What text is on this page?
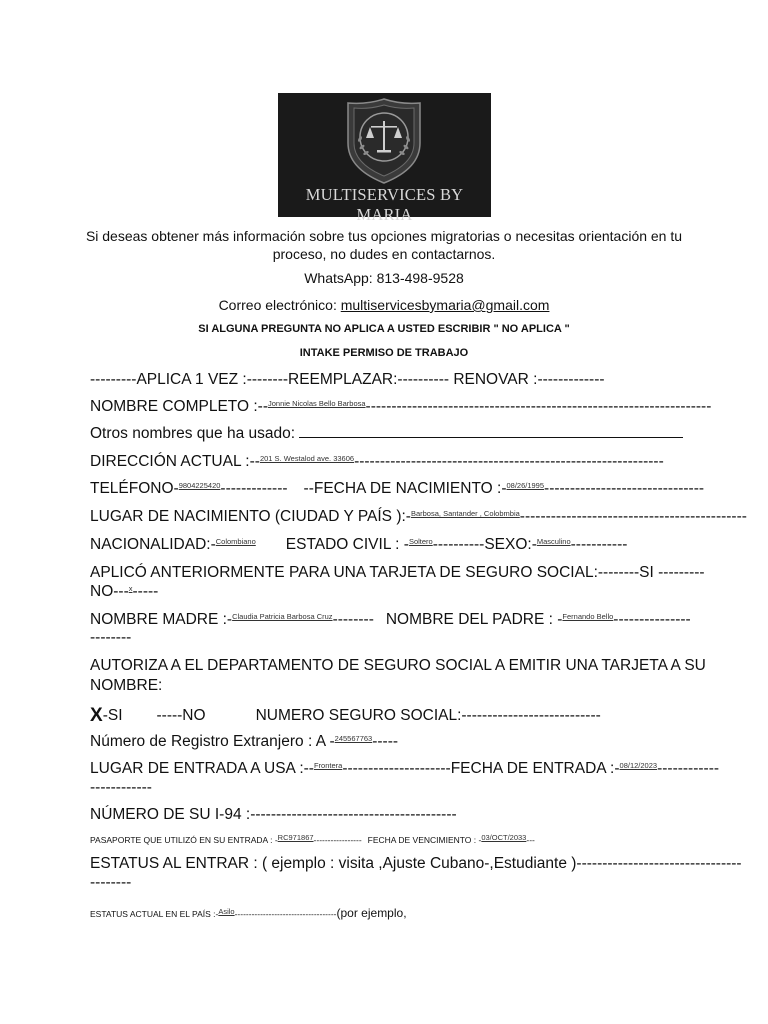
MULTISERVICES BY MARIA
Si deseas obtener más información sobre tus opciones migratorias o necesitas orientación en tu proceso, no dudes en contactarnos.
WhatsApp: 813-498-9528
Correo electrónico: multiservicesbymaria@gmail.com
SI ALGUNA PREGUNTA NO APLICA A USTED ESCRIBIR " NO APLICA "
INTAKE PERMISO DE TRABAJO
---------APLICA 1 VEZ :--------REEMPLAZAR:---------- RENOVAR :-------------
NOMBRE COMPLETO :--$^{Jonnie Nicolas Bello Barbosa}$-------------------------------------------------------------------
Otros nombres que ha usado:
DIRECCIÓN ACTUAL :--$^{201 S. Westalod ave. 33606}$------------------------------------------------------------
TELÉFONO-$^{9804225420}$------------- --FECHA DE NACIMIENTO :-$^{08/26/1995}$-------------------------------
LUGAR DE NACIMIENTO (CIUDAD Y PAÍS ):-$^{Barbosa, Santander , Colobmbia}$--------------------------------------------
NACIONALIDAD:-$^{Colombiano}$ ESTADO CIVIL : -$^{Soltero}$----------SEXO:-$^{Masculino}$-----------
APLICÓ ANTERIORMENTE PARA UNA TARJETA DE SEGURO SOCIAL:--------SI ---------
NO---$^x$-----
NOMBRE MADRE :-$^{Claudia Patricia Barbosa Cruz}$-------- NOMBRE DEL PADRE : -$^{Fernando Bello}$---------------
--------
AUTORIZA A EL DEPARTAMENTO DE SEGURO SOCIAL A EMITIR UNA TARJETA A SU
NOMBRE:
X-SI -----NO	NUMERO SEGURO SOCIAL:---------------------------
Número de Registro Extranjero : A -$^{245567763}$-----
LUGAR DE ENTRADA A USA :--$^{Frontera}$---------------------FECHA DE ENTRADA :-$^{08/12/2023}$------------
------------
NÚMERO DE SU I-94 :----------------------------------------
PASAPORTE QUE UTILIZÓ EN SU ENTRADA : -RC971867----------------- FECHA DE VENCIMIENTO : -03/OCT/2033---
ESTATUS AL ENTRAR : ( ejemplo : visita ,Ajuste Cubano-,Estudiante )--------------------------------
--------
ESTATUS ACTUAL EN EL PAÍS :-Asilo------------------------------------(por ejemplo,
